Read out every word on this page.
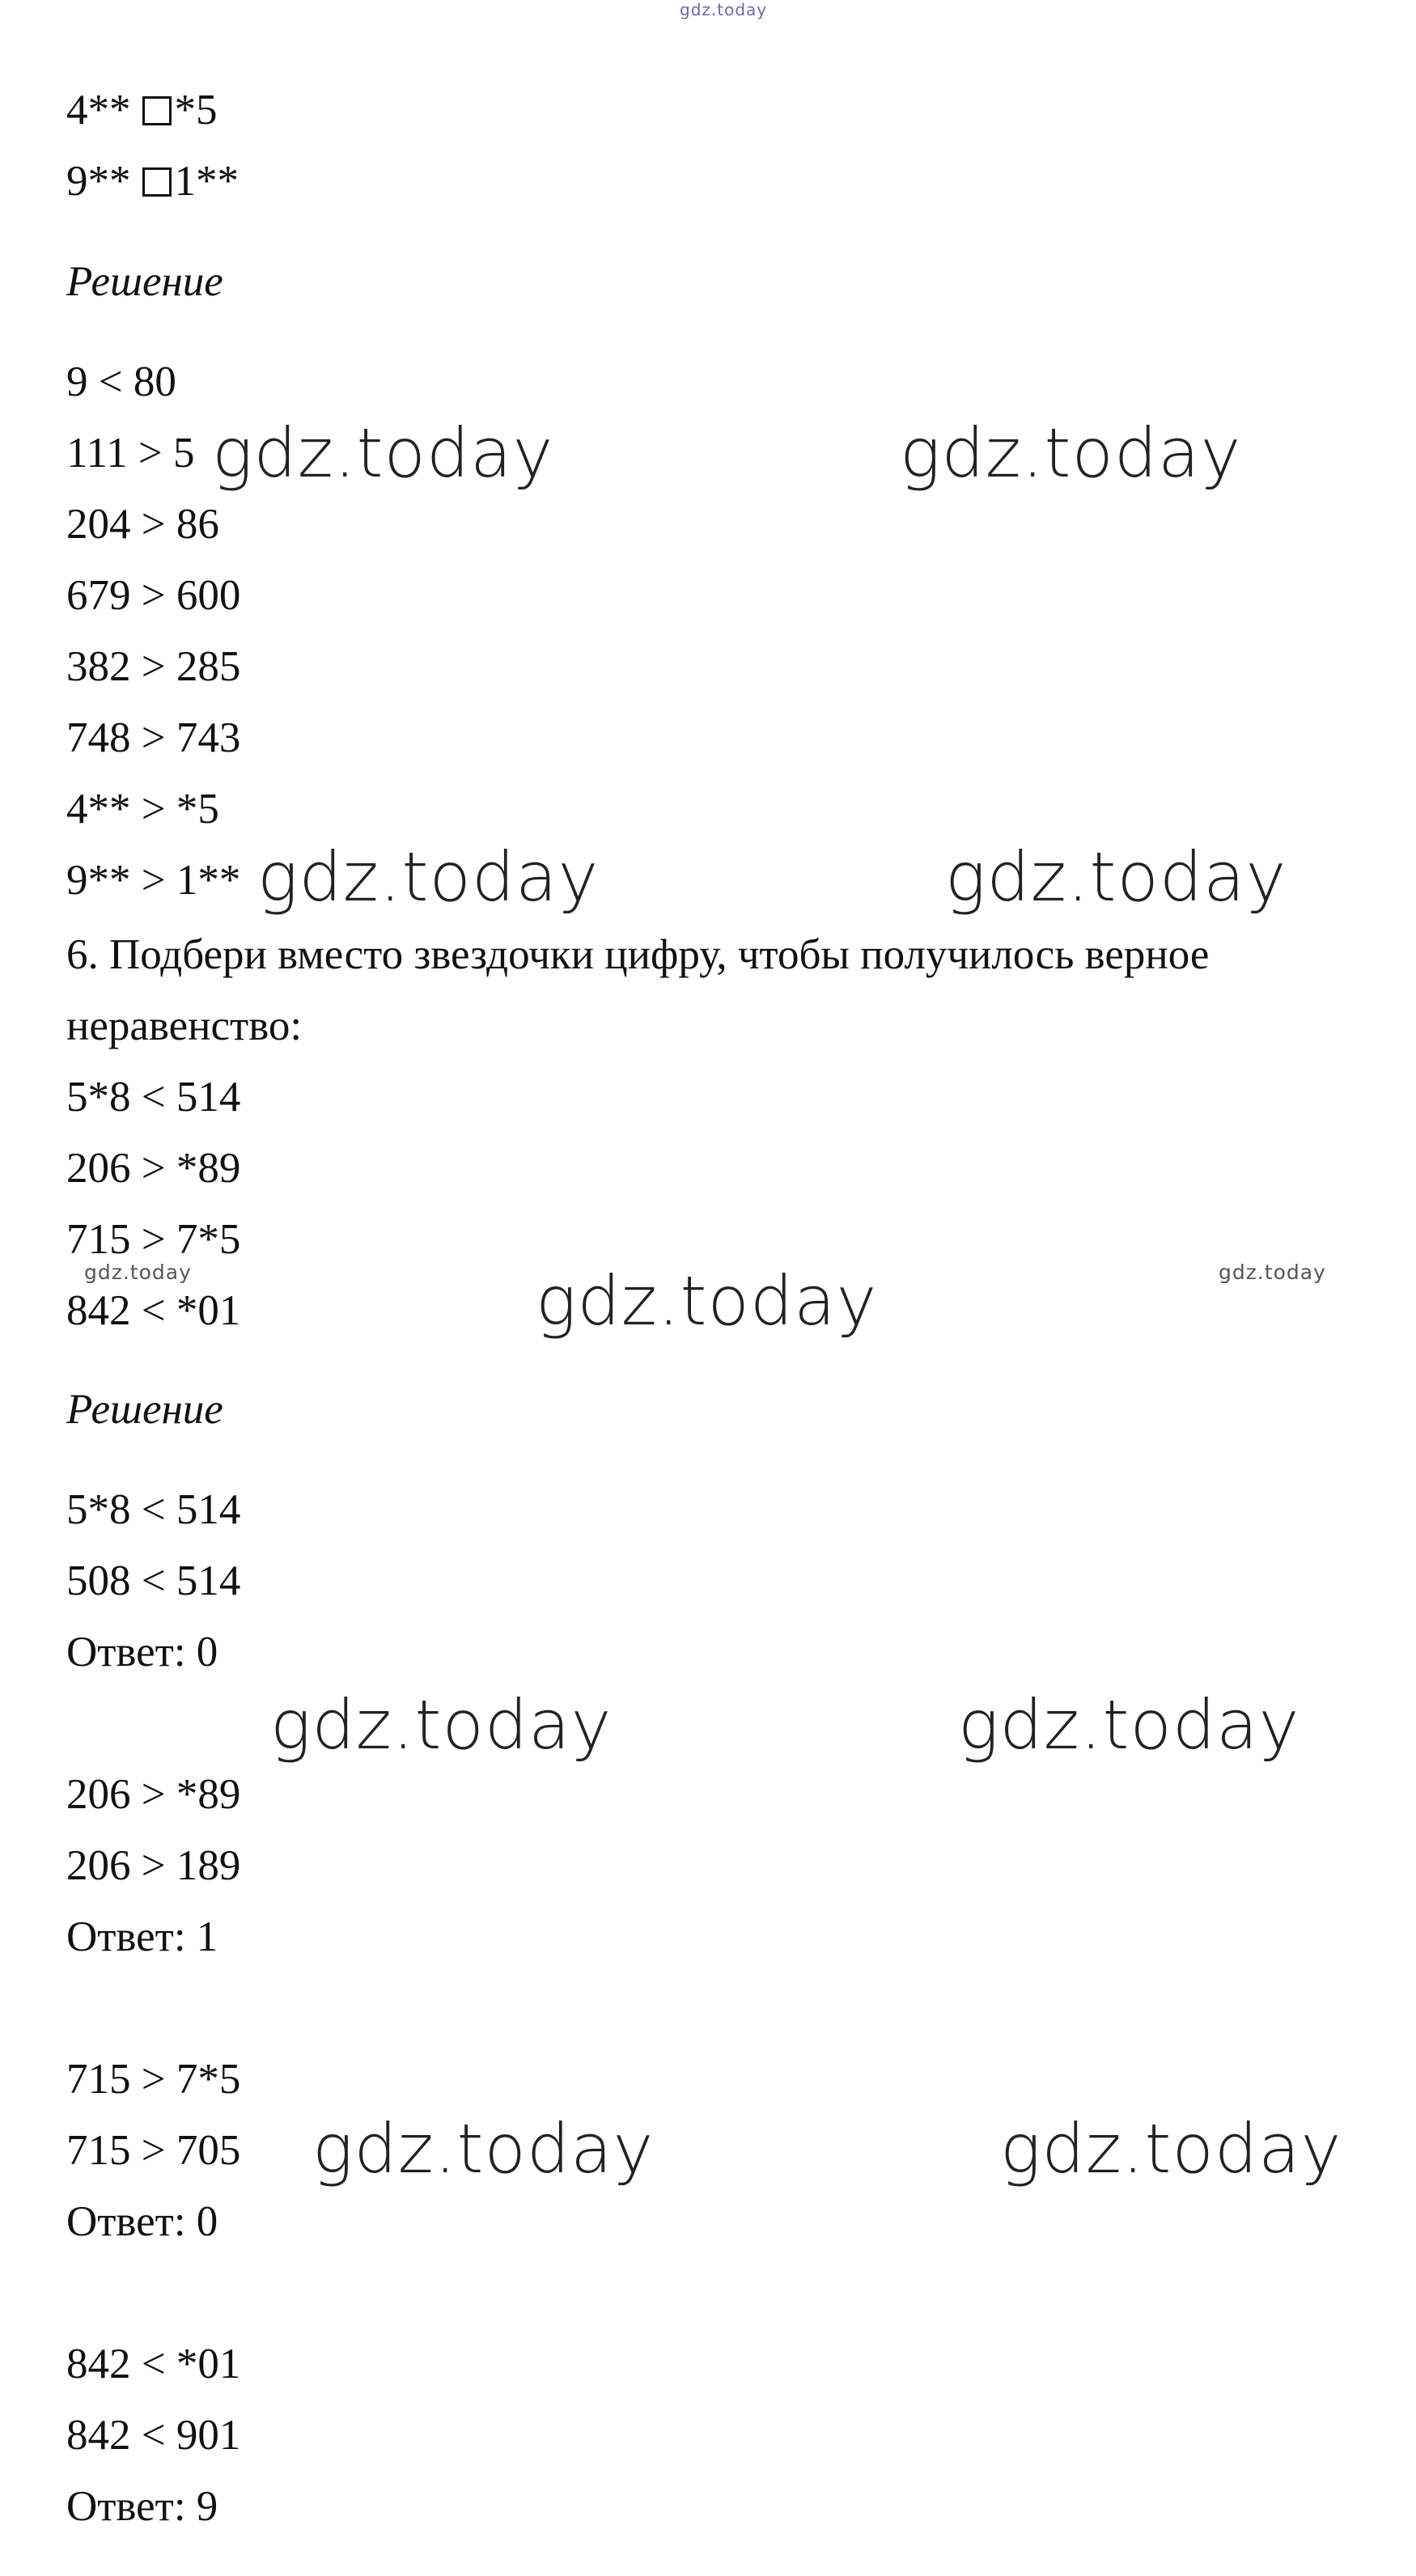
gdz.today
4** *5
9** 1**
Решение
9 < 80
111 > 5
204 > 86
679 > 600
382 > 285
748 > 743
4** > *5
9** > 1**
6. Подбери вместо звездочки цифру, чтобы получилось верное
неравенство:
5*8 < 514
206 > *89
715 > 7*5
842 < *01
Решение
5*8 < 514
508 < 514
Ответ: 0
206 > *89
206 > 189
Ответ: 1
715 > 7*5
715 > 705
Ответ: 0
842 < *01
842 < 901
Ответ: 9
gdz.today	gdz.today
gdz.today	gdz.today
gdz.today
gdz.today	gdz.today
gdz.today	gdz.today
gdz.today	gdz.today
